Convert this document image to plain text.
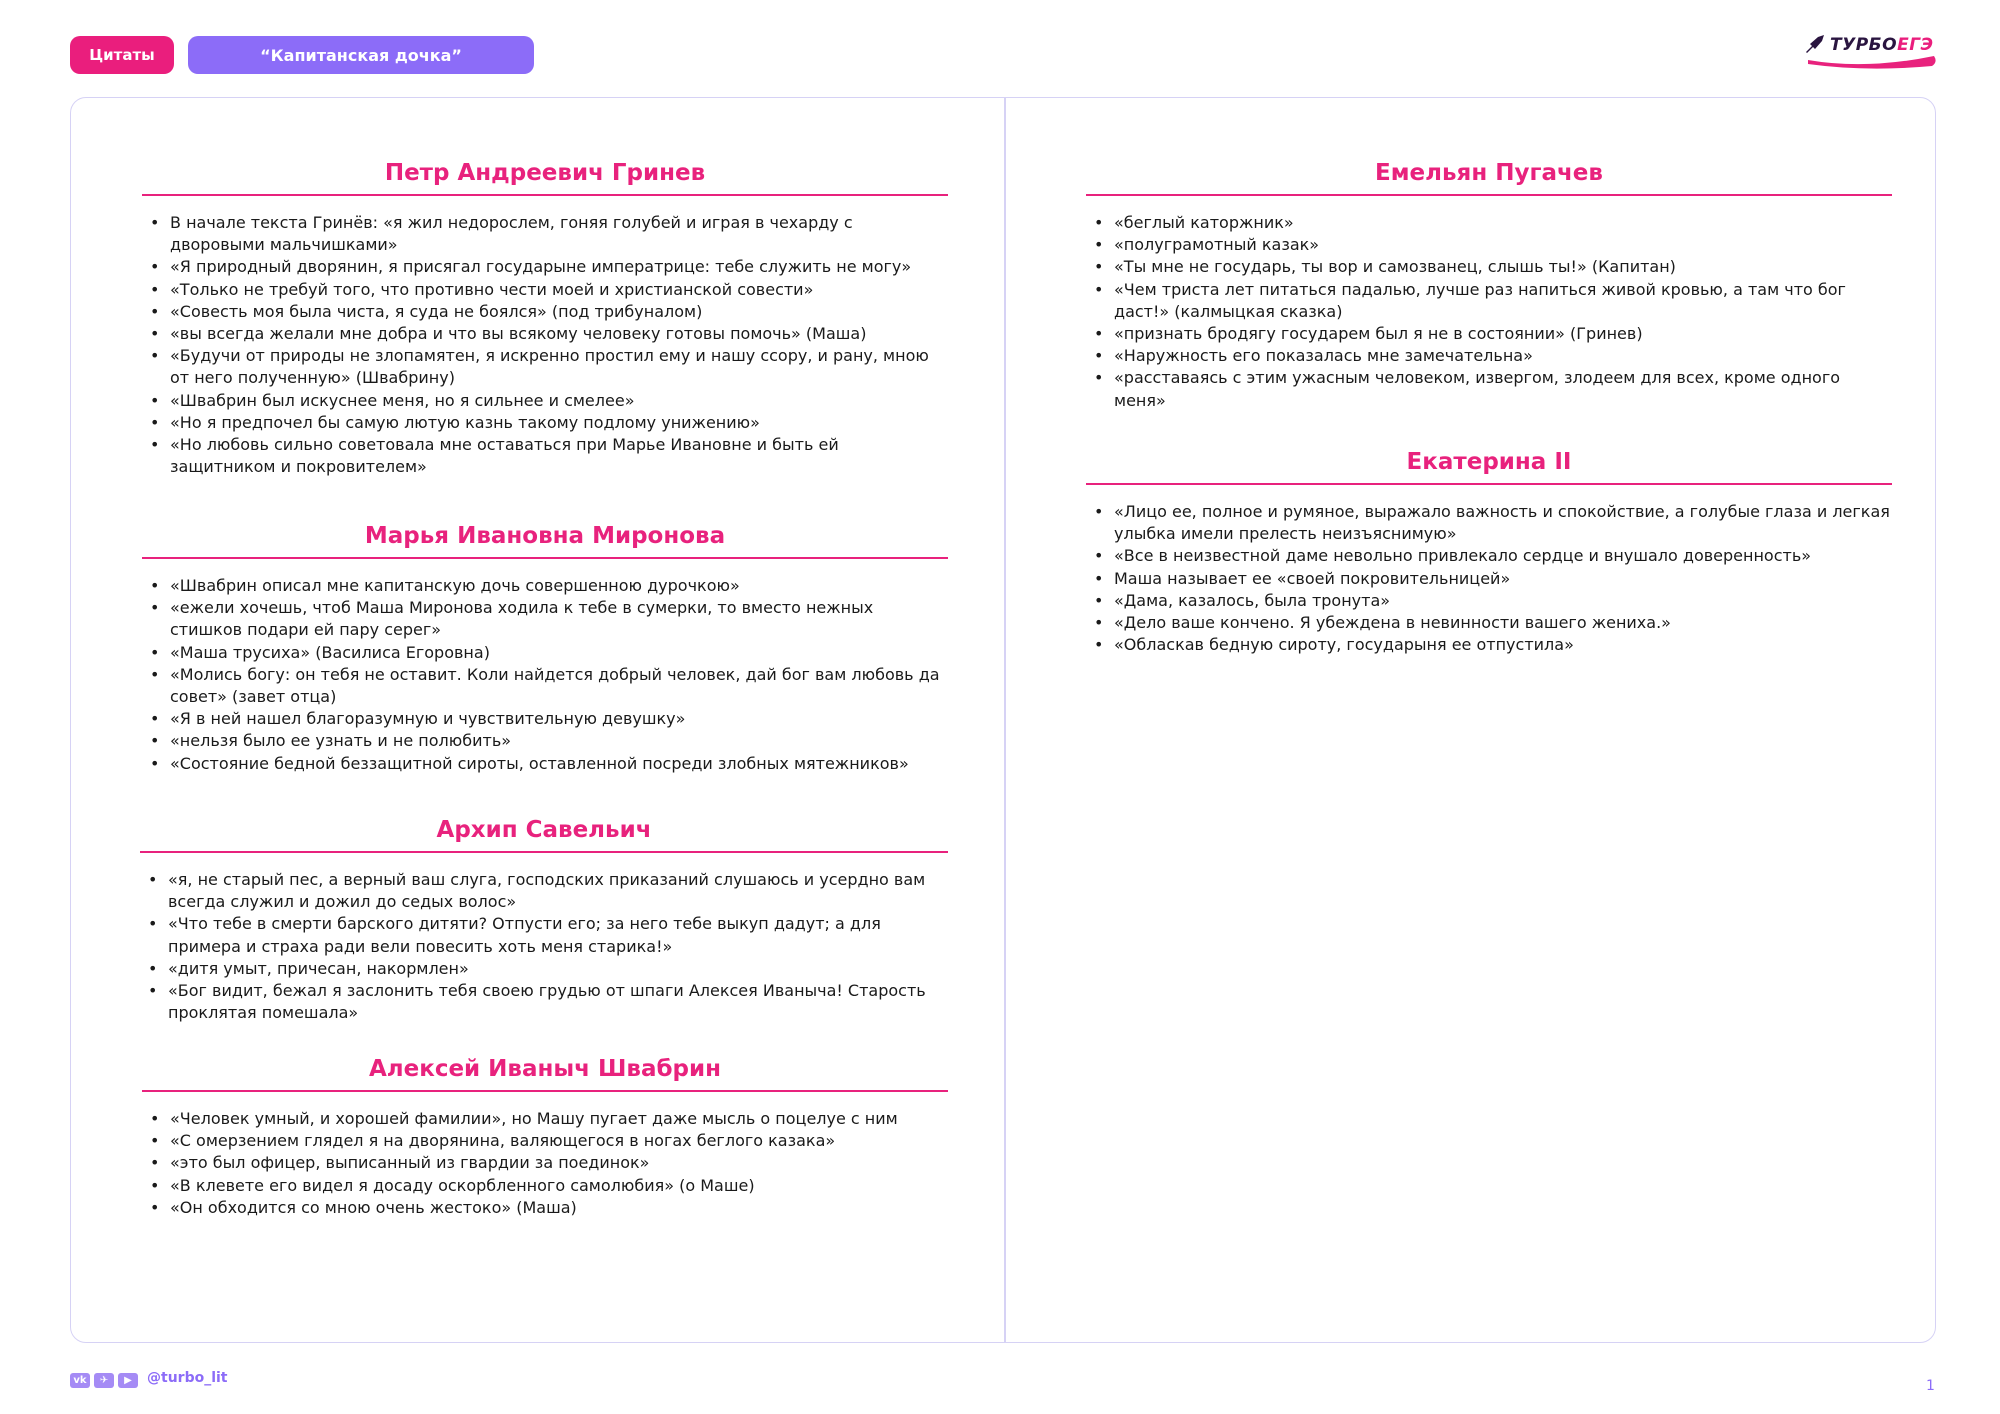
Цитаты	“Капитанская дочка”	ТУРБОЕГЭ
Петр Андреевич Гринев
• В начале текста Гринёв: «я жил недорослем, гоняя голубей и играя в чехарду с дворовыми мальчишками»
• «Я природный дворянин, я присягал государыне императрице: тебе служить не могу»
• «Только не требуй того, что противно чести моей и христианской совести»
• «Совесть моя была чиста, я суда не боялся» (под трибуналом)
• «вы всегда желали мне добра и что вы всякому человеку готовы помочь» (Маша)
• «Будучи от природы не злопамятен, я искренно простил ему и нашу ссору, и рану, мною от него полученную» (Швабрину)
• «Швабрин был искуснее меня, но я сильнее и смелее»
• «Но я предпочел бы самую лютую казнь такому подлому унижению»
• «Но любовь сильно советовала мне оставаться при Марье Ивановне и быть ей защитником и покровителем»
Марья Ивановна Миронова
• «Швабрин описал мне капитанскую дочь совершенною дурочкою»
• «ежели хочешь, чтоб Маша Миронова ходила к тебе в сумерки, то вместо нежных стишков подари ей пару серег»
• «Маша трусиха» (Василиса Егоровна)
• «Молись богу: он тебя не оставит. Коли найдется добрый человек, дай бог вам любовь да совет» (завет отца)
• «Я в ней нашел благоразумную и чувствительную девушку»
• «нельзя было ее узнать и не полюбить»
• «Состояние бедной беззащитной сироты, оставленной посреди злобных мятежников»
Архип Савельич
• «я, не старый пес, а верный ваш слуга, господских приказаний слушаюсь и усердно вам всегда служил и дожил до седых волос»
• «Что тебе в смерти барского дитяти? Отпусти его; за него тебе выкуп дадут; а для примера и страха ради вели повесить хоть меня старика!»
• «дитя умыт, причесан, накормлен»
• «Бог видит, бежал я заслонить тебя своею грудью от шпаги Алексея Иваныча! Старость проклятая помешала»
Алексей Иваныч Швабрин
• «Человек умный, и хорошей фамилии», но Машу пугает даже мысль о поцелуе с ним
• «С омерзением глядел я на дворянина, валяющегося в ногах беглого казака»
• «это был офицер, выписанный из гвардии за поединок»
• «В клевете его видел я досаду оскорбленного самолюбия» (о Маше)
• «Он обходится со мною очень жестоко» (Маша)
Емельян Пугачев
• «беглый каторжник»
• «полуграмотный казак»
• «Ты мне не государь, ты вор и самозванец, слышь ты!» (Капитан)
• «Чем триста лет питаться падалью, лучше раз напиться живой кровью, а там что бог даст!» (калмыцкая сказка)
• «признать бродягу государем был я не в состоянии» (Гринев)
• «Наружность его показалась мне замечательна»
• «расставаясь с этим ужасным человеком, извергом, злодеем для всех, кроме одного меня»
Екатерина II
• «Лицо ее, полное и румяное, выражало важность и спокойствие, а голубые глаза и легкая улыбка имели прелесть неизъяснимую»
• «Все в неизвестной даме невольно привлекало сердце и внушало доверенность»
• Маша называет ее «своей покровительницей»
• «Дама, казалось, была тронута»
• «Дело ваше кончено. Я убеждена в невинности вашего жениха.»
• «Обласкав бедную сироту, государыня ее отпустила»
vk	✈	▶	@turbo_lit	1
